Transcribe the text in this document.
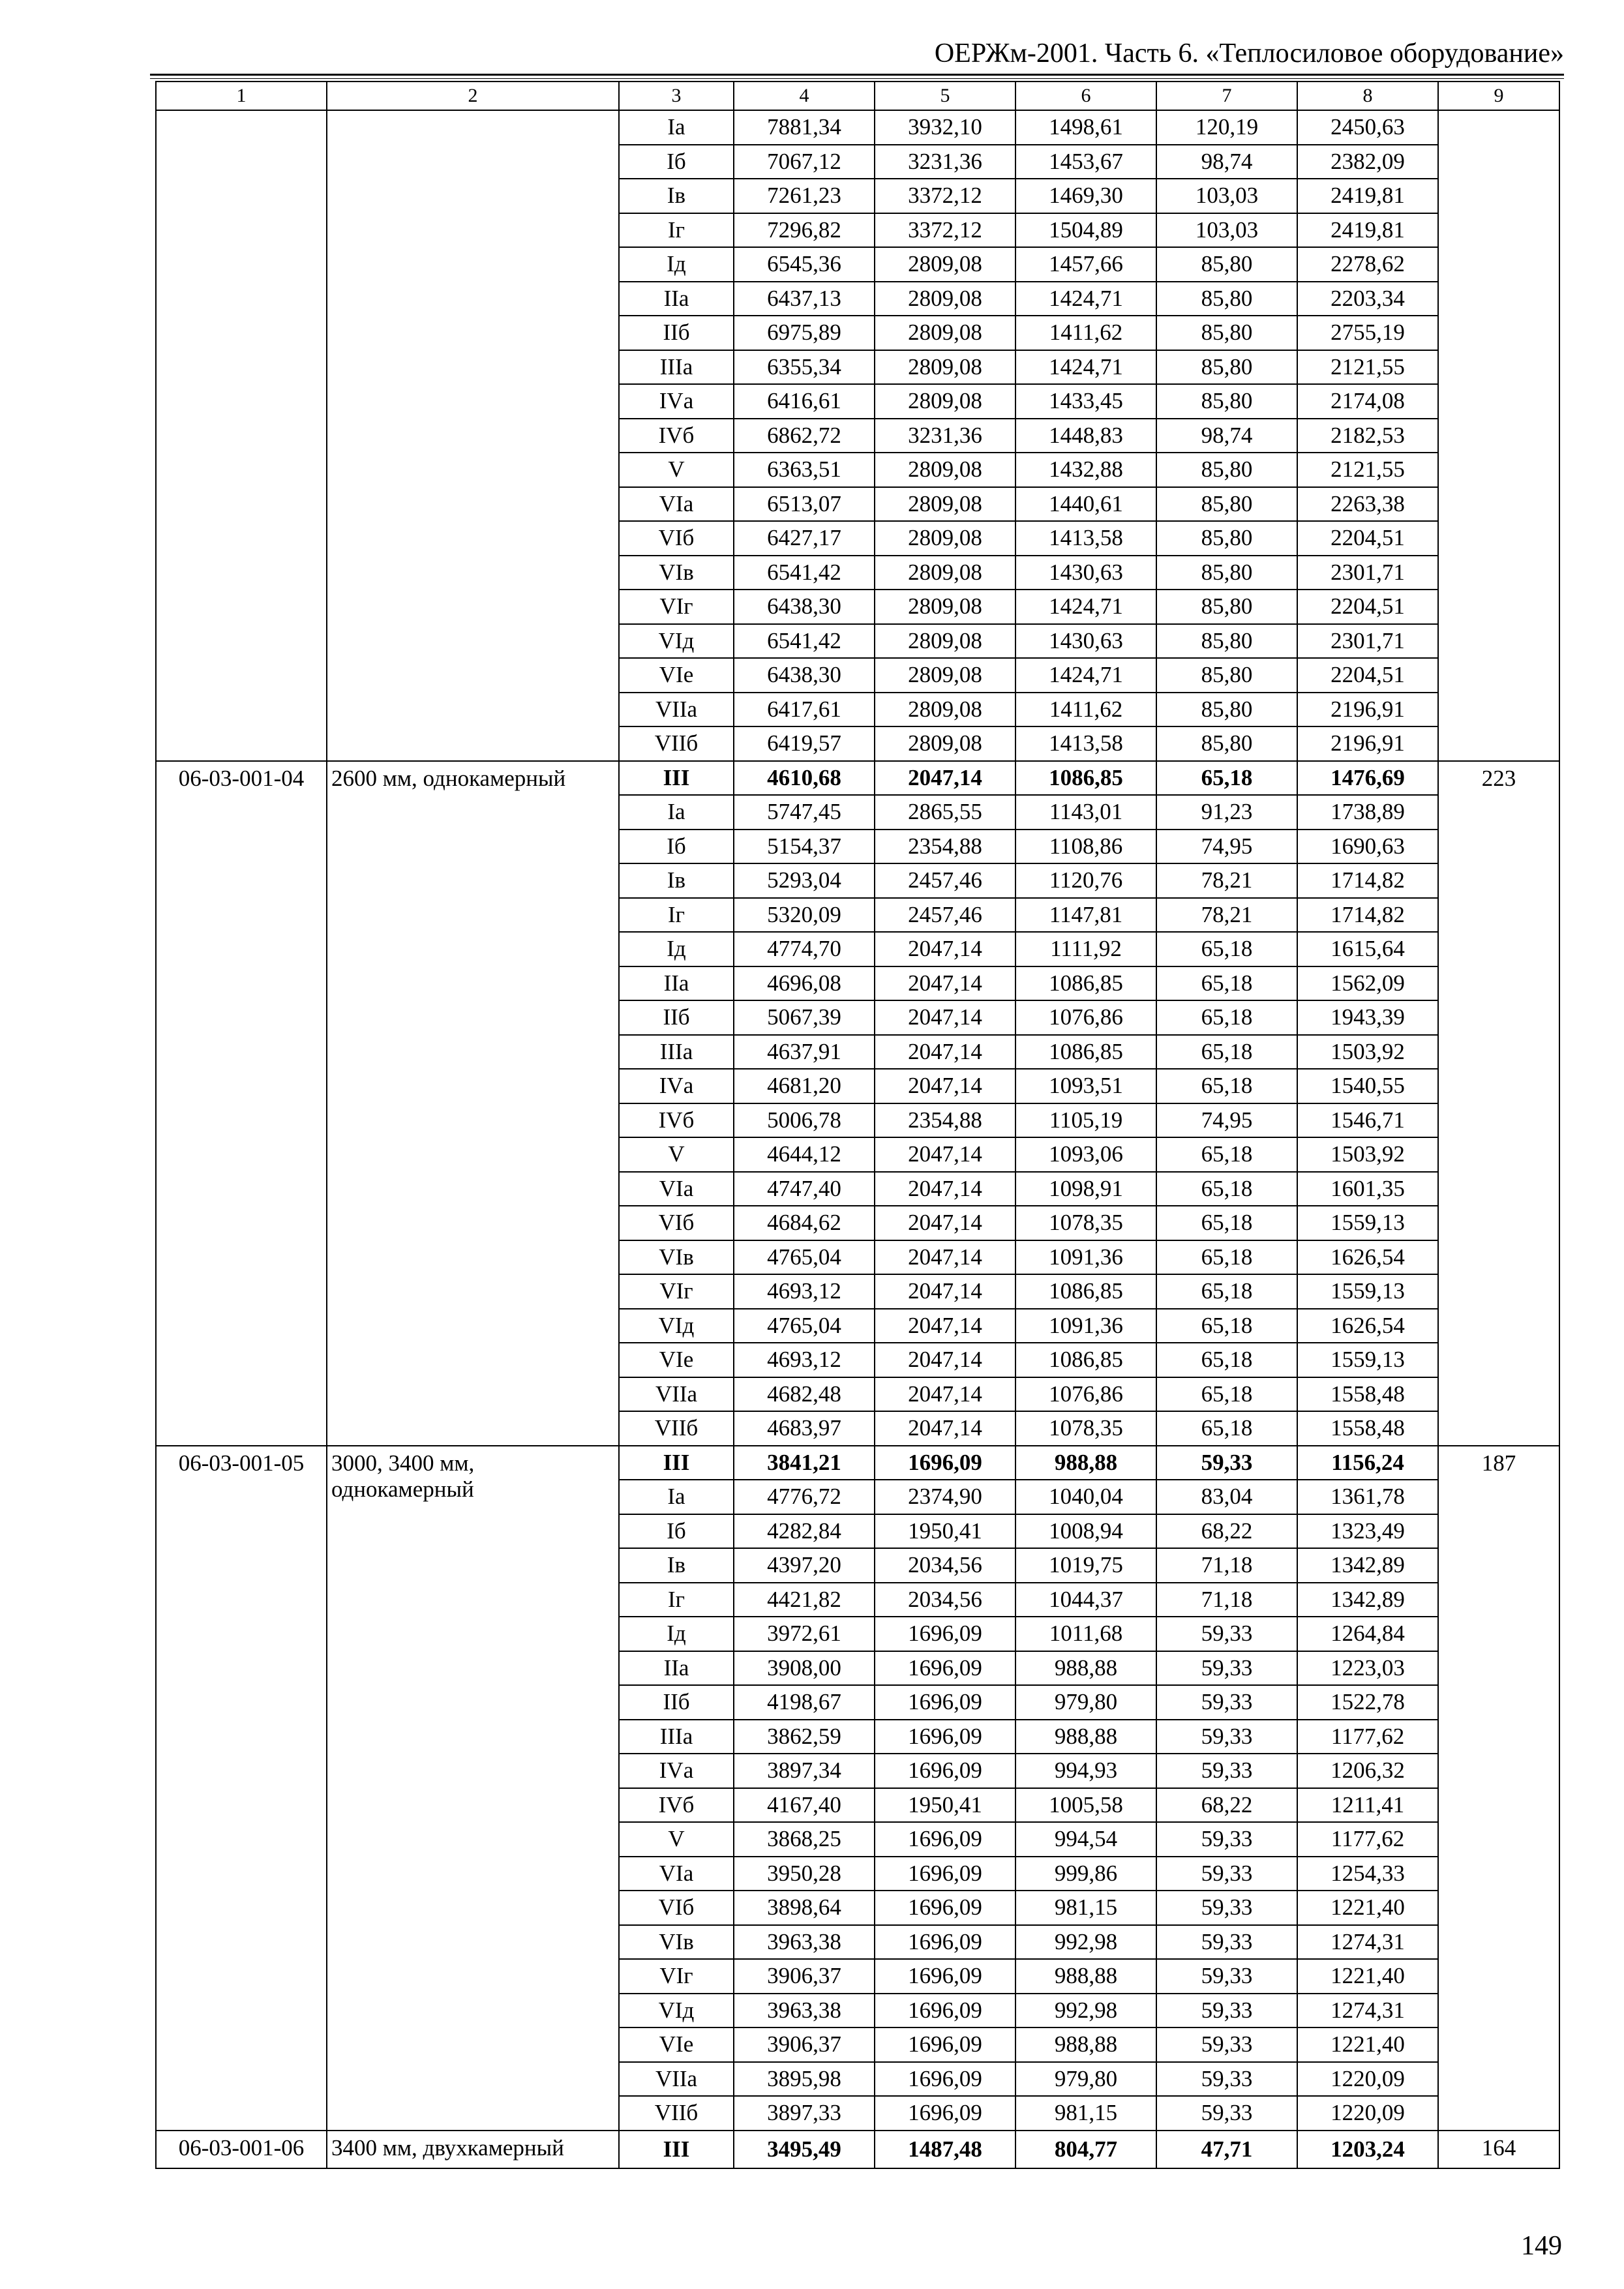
ОЕРЖм-2001. Часть 6. «Теплосиловое оборудование»
1	2	3	4	5	6	7	8	9
		Iа	7881,34	3932,10	1498,61	120,19	2450,63	
		Iб	7067,12	3231,36	1453,67	98,74	2382,09	
		Iв	7261,23	3372,12	1469,30	103,03	2419,81	
		Iг	7296,82	3372,12	1504,89	103,03	2419,81	
		Iд	6545,36	2809,08	1457,66	85,80	2278,62	
		IIа	6437,13	2809,08	1424,71	85,80	2203,34	
		IIб	6975,89	2809,08	1411,62	85,80	2755,19	
		IIIа	6355,34	2809,08	1424,71	85,80	2121,55	
		IVа	6416,61	2809,08	1433,45	85,80	2174,08	
		IVб	6862,72	3231,36	1448,83	98,74	2182,53	
		V	6363,51	2809,08	1432,88	85,80	2121,55	
		VIа	6513,07	2809,08	1440,61	85,80	2263,38	
		VIб	6427,17	2809,08	1413,58	85,80	2204,51	
		VIв	6541,42	2809,08	1430,63	85,80	2301,71	
		VIг	6438,30	2809,08	1424,71	85,80	2204,51	
		VIд	6541,42	2809,08	1430,63	85,80	2301,71	
		VIе	6438,30	2809,08	1424,71	85,80	2204,51	
		VIIа	6417,61	2809,08	1411,62	85,80	2196,91	
		VIIб	6419,57	2809,08	1413,58	85,80	2196,91	
06-03-001-04	2600 мм, однокамерный	III	4610,68	2047,14	1086,85	65,18	1476,69	223
		Iа	5747,45	2865,55	1143,01	91,23	1738,89	
		Iб	5154,37	2354,88	1108,86	74,95	1690,63	
		Iв	5293,04	2457,46	1120,76	78,21	1714,82	
		Iг	5320,09	2457,46	1147,81	78,21	1714,82	
		Iд	4774,70	2047,14	1111,92	65,18	1615,64	
		IIа	4696,08	2047,14	1086,85	65,18	1562,09	
		IIб	5067,39	2047,14	1076,86	65,18	1943,39	
		IIIа	4637,91	2047,14	1086,85	65,18	1503,92	
		IVа	4681,20	2047,14	1093,51	65,18	1540,55	
		IVб	5006,78	2354,88	1105,19	74,95	1546,71	
		V	4644,12	2047,14	1093,06	65,18	1503,92	
		VIа	4747,40	2047,14	1098,91	65,18	1601,35	
		VIб	4684,62	2047,14	1078,35	65,18	1559,13	
		VIв	4765,04	2047,14	1091,36	65,18	1626,54	
		VIг	4693,12	2047,14	1086,85	65,18	1559,13	
		VIд	4765,04	2047,14	1091,36	65,18	1626,54	
		VIе	4693,12	2047,14	1086,85	65,18	1559,13	
		VIIа	4682,48	2047,14	1076,86	65,18	1558,48	
		VIIб	4683,97	2047,14	1078,35	65,18	1558,48	
06-03-001-05	3000, 3400 мм, однокамерный	III	3841,21	1696,09	988,88	59,33	1156,24	187
		Iа	4776,72	2374,90	1040,04	83,04	1361,78	
		Iб	4282,84	1950,41	1008,94	68,22	1323,49	
		Iв	4397,20	2034,56	1019,75	71,18	1342,89	
		Iг	4421,82	2034,56	1044,37	71,18	1342,89	
		Iд	3972,61	1696,09	1011,68	59,33	1264,84	
		IIа	3908,00	1696,09	988,88	59,33	1223,03	
		IIб	4198,67	1696,09	979,80	59,33	1522,78	
		IIIа	3862,59	1696,09	988,88	59,33	1177,62	
		IVа	3897,34	1696,09	994,93	59,33	1206,32	
		IVб	4167,40	1950,41	1005,58	68,22	1211,41	
		V	3868,25	1696,09	994,54	59,33	1177,62	
		VIа	3950,28	1696,09	999,86	59,33	1254,33	
		VIб	3898,64	1696,09	981,15	59,33	1221,40	
		VIв	3963,38	1696,09	992,98	59,33	1274,31	
		VIг	3906,37	1696,09	988,88	59,33	1221,40	
		VIд	3963,38	1696,09	992,98	59,33	1274,31	
		VIе	3906,37	1696,09	988,88	59,33	1221,40	
		VIIа	3895,98	1696,09	979,80	59,33	1220,09	
		VIIб	3897,33	1696,09	981,15	59,33	1220,09	
06-03-001-06	3400 мм, двухкамерный	III	3495,49	1487,48	804,77	47,71	1203,24	164
149
